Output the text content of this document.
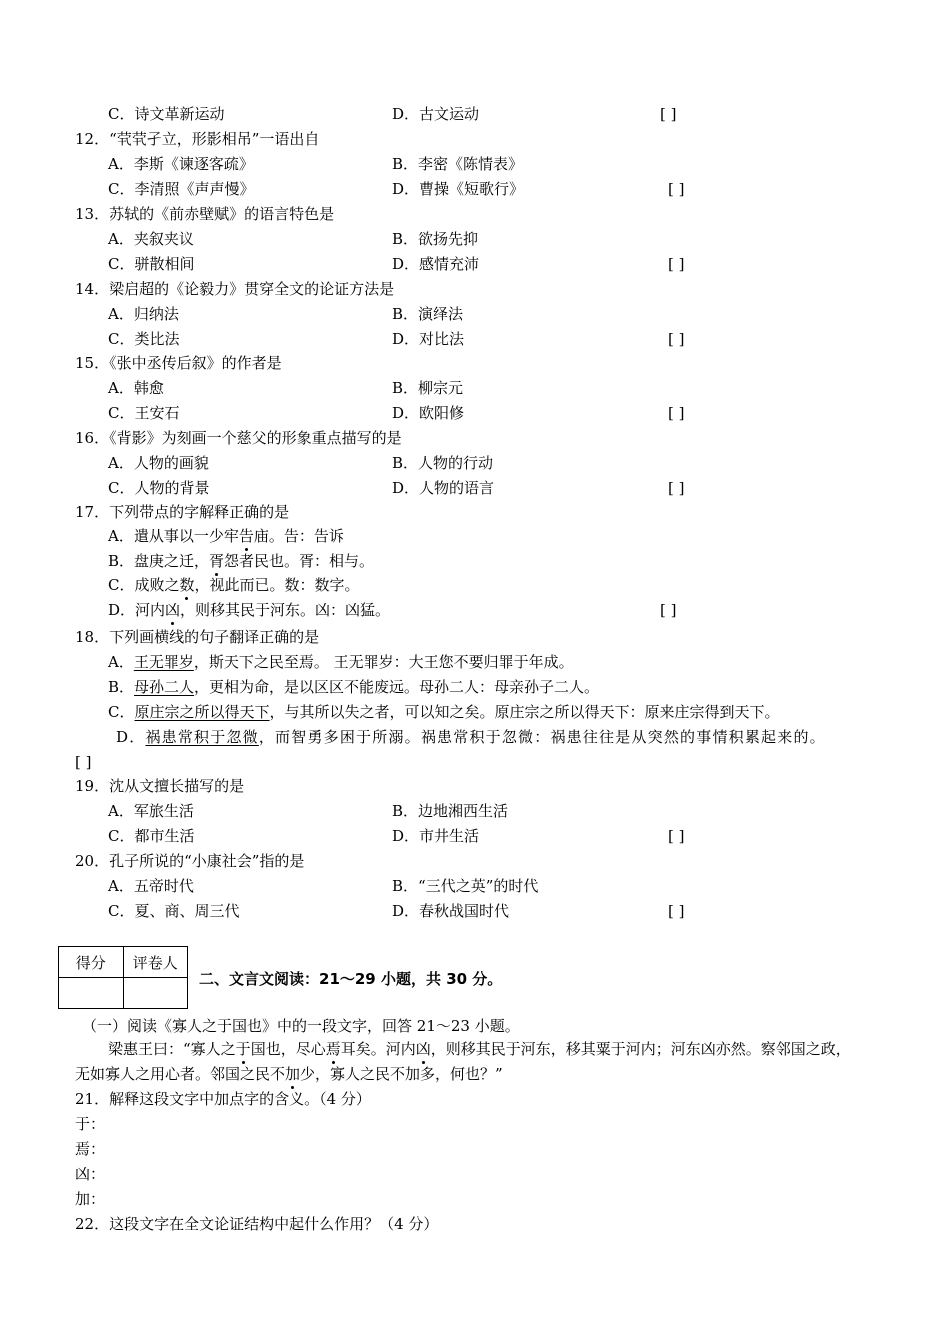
C．诗文革新运动	D．古文运动	[ ]
12．“茕茕孑立，形影相吊”一语出自
A．李斯《谏逐客疏》	B．李密《陈情表》
C．李清照《声声慢》	D．曹操《短歌行》	[ ]
13．苏轼的《前赤壁赋》的语言特色是
A．夹叙夹议	B．欲扬先抑
C．骈散相间	D．感情充沛	[ ]
14．梁启超的《论毅力》贯穿全文的论证方法是
A．归纳法	B．演绎法
C．类比法	D．对比法	[ ]
15．《张中丞传后叙》的作者是
A．韩愈	B．柳宗元
C．王安石	D．欧阳修	[ ]
16．《背影》为刻画一个慈父的形象重点描写的是
A．人物的画貌	B．人物的行动
C．人物的背景	D．人物的语言	[ ]
17．下列带点的字解释正确的是
A．遣从事以一少牢告庙。告：告诉
B．盘庚之迁，胥怨者民也。胥：相与。
C．成败之数，视此而已。数：数字。
D．河内凶，则移其民于河东。凶：凶猛。	[ ]
18．下列画横线的句子翻译正确的是
A．王无罪岁，斯天下之民至焉。 王无罪岁：大王您不要归罪于年成。
B．母孙二人，更相为命，是以区区不能废远。母孙二人：母亲孙子二人。
C．原庄宗之所以得天下，与其所以失之者，可以知之矣。原庄宗之所以得天下：原来庄宗得到天下。
D．祸患常积于忽微，而智勇多困于所溺。祸患常积于忽微：祸患往往是从突然的事情积累起来的。
[ ]
19．沈从文擅长描写的是
A．军旅生活	B．边地湘西生活
C．都市生活	D．市井生活	[ ]
20．孔子所说的“小康社会”指的是
A．五帝时代	B．“三代之英”的时代
C．夏、商、周三代	D．春秋战国时代	[ ]
得分	评卷人

二、文言文阅读：21～29 小题，共 30 分。
（一）阅读《寡人之于国也》中的一段文字，回答 21～23 小题。
梁惠王曰：“寡人之于国也，尽心焉耳矣。河内凶，则移其民于河东，移其粟于河内；河东凶亦然。察邻国之政，
无如寡人之用心者。邻国之民不加少，寡人之民不加多，何也？”
21．解释这段文字中加点字的含义。（4 分）
于：
焉：
凶：
加：
22．这段文字在全文论证结构中起什么作用？（4 分）
